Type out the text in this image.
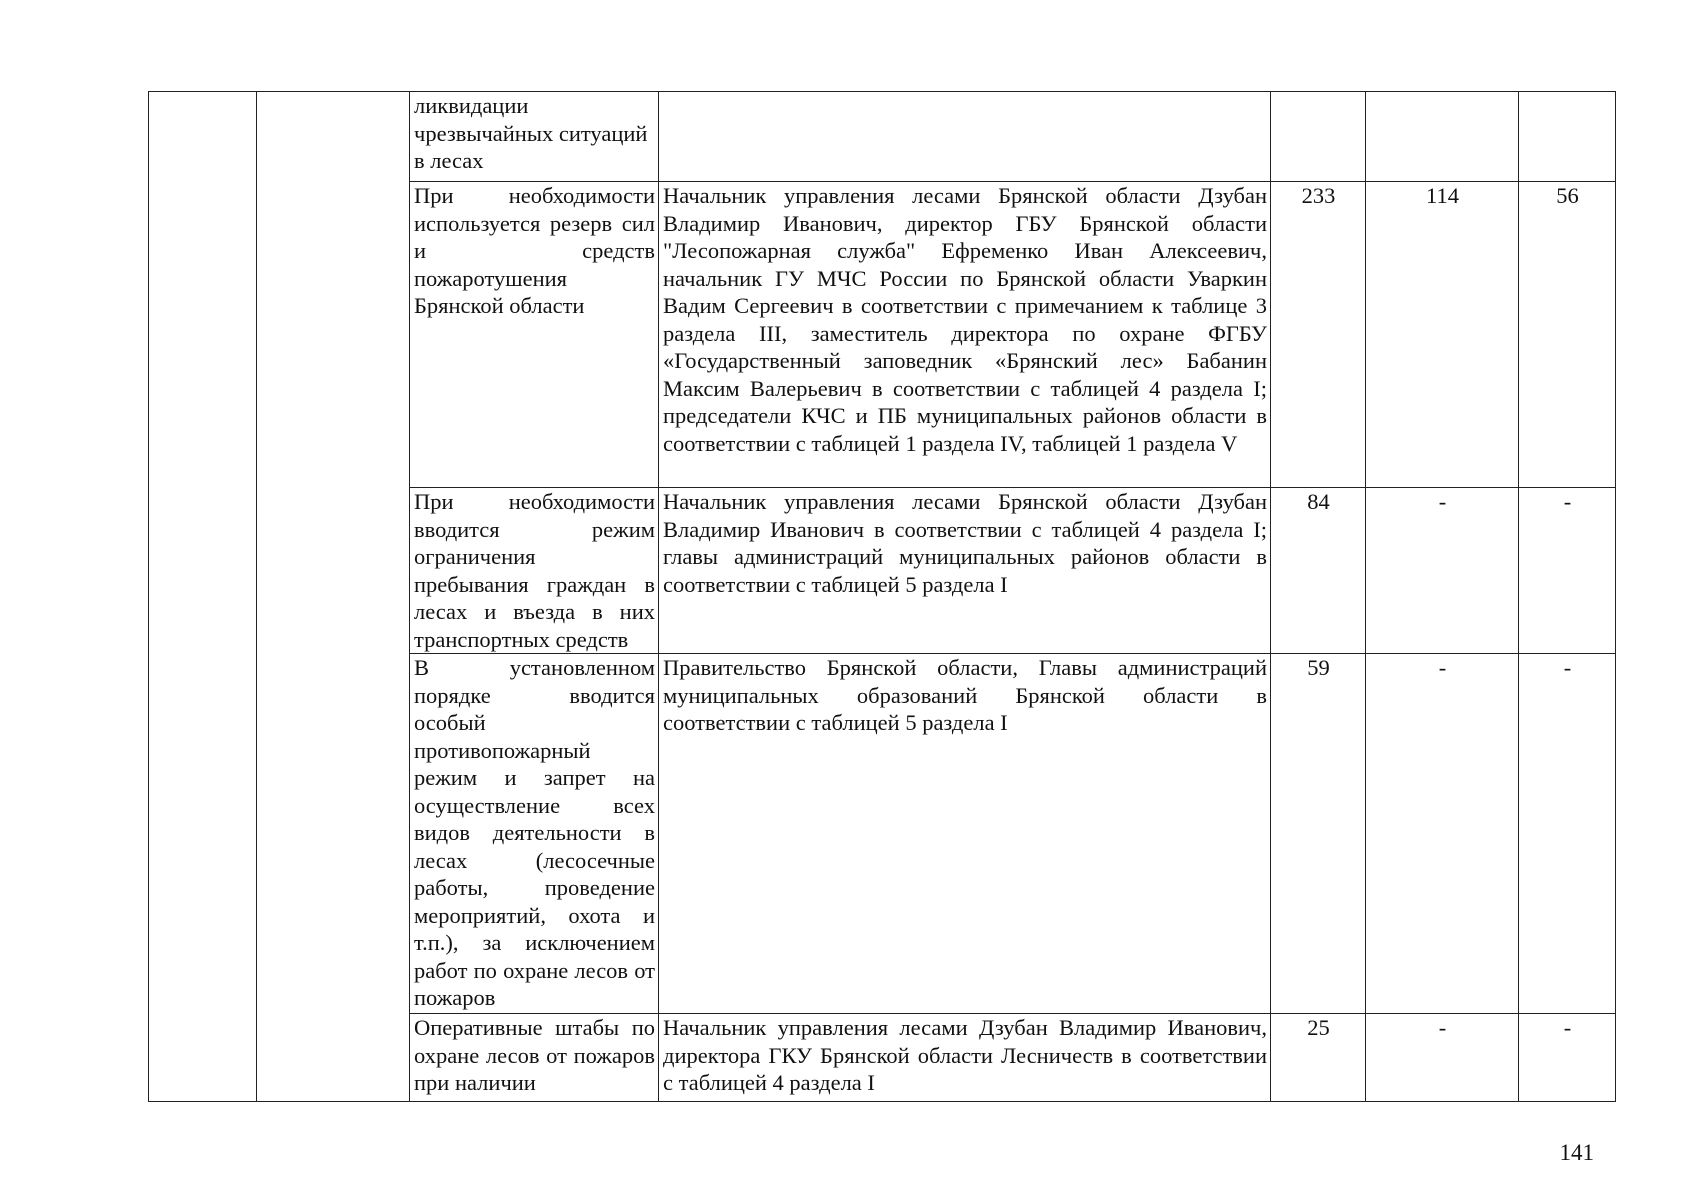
		ликвидации чрезвычайных ситуаций в лесах				
		При необходимости используется резерв сил и средств пожаротушения Брянской области	Начальник управления лесами Брянской области Дзубан Владимир Иванович, директор ГБУ Брянской области "Лесопожарная служба" Ефременко Иван Алексеевич, начальник ГУ МЧС России по Брянской области Уваркин Вадим Сергеевич в соответствии с примечанием к таблице 3 раздела III, заместитель директора по охране ФГБУ «Государственный заповедник «Брянский лес» Бабанин Максим Валерьевич в соответствии с таблицей 4 раздела I; председатели КЧС и ПБ муниципальных районов области в соответствии с таблицей 1 раздела IV, таблицей 1 раздела V	233	114	56
		При необходимости вводится режим ограничения пребывания граждан в лесах и въезда в них транспортных средств	Начальник управления лесами Брянской области Дзубан Владимир Иванович в соответствии с таблицей 4 раздела I; главы администраций муниципальных районов области в соответствии с таблицей 5 раздела I	84	-	-
		В установленном порядке вводится особый противопожарный режим и запрет на осуществление всех видов деятельности в лесах (лесосечные работы, проведение мероприятий, охота и т.п.), за исключением работ по охране лесов от пожаров	Правительство Брянской области, Главы администраций муниципальных образований Брянской области в соответствии с таблицей 5 раздела I	59	-	-
		Оперативные штабы по охране лесов от пожаров при наличии	Начальник управления лесами Дзубан Владимир Иванович, директора ГКУ Брянской области Лесничеств в соответствии с таблицей 4 раздела I	25	-	-
141
